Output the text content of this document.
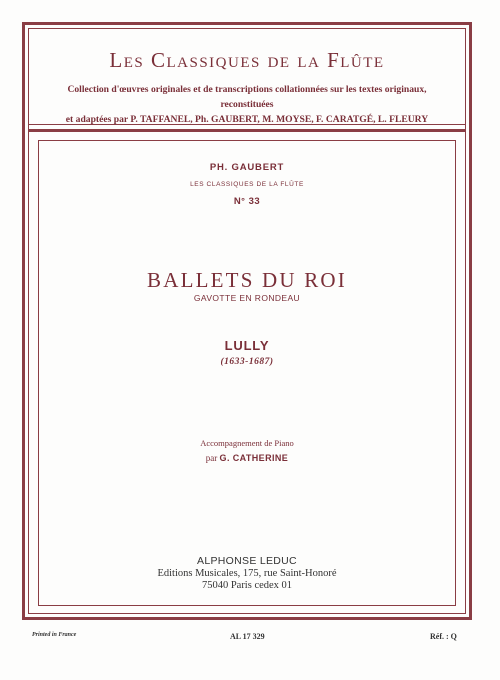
Les Classiques de la Flûte
Collection d'œuvres originales et de transcriptions collationnées sur les textes originaux, reconstituées
et adaptées par P. TAFFANEL, Ph. GAUBERT, M. MOYSE, F. CARATGÉ, L. FLEURY
PH. GAUBERT
LES CLASSIQUES DE LA FLÛTE
N° 33
BALLETS DU ROI
GAVOTTE EN RONDEAU
LULLY
(1633-1687)
Accompagnement de Piano
par G. CATHERINE
ALPHONSE LEDUC
Editions Musicales, 175, rue Saint-Honoré
75040 Paris cedex 01
Printed in France	AL 17 329	Réf. : Q
